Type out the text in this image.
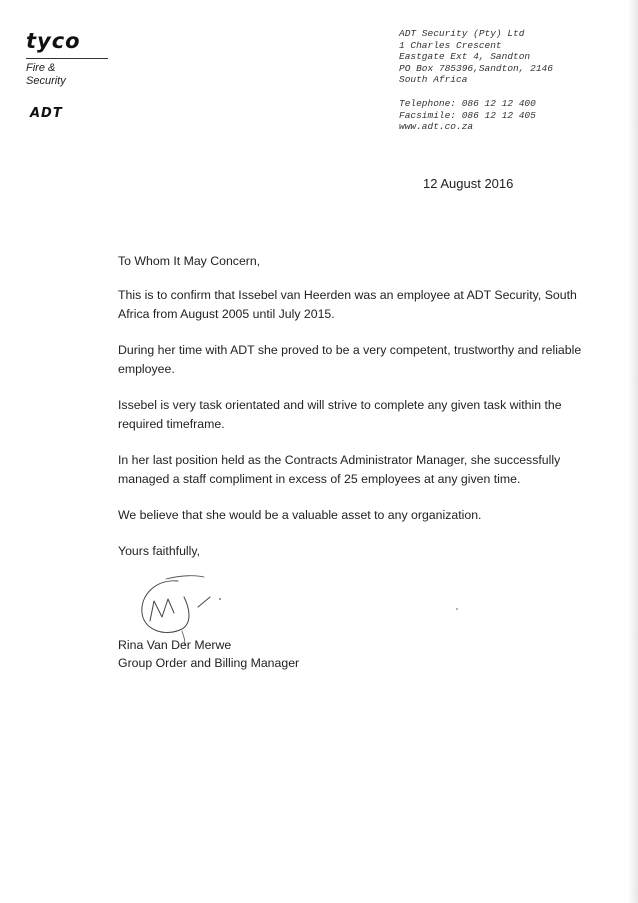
tyco
Fire &
Security
ADT
ADT Security (Pty) Ltd
1 Charles Crescent
Eastgate Ext 4, Sandton
PO Box 785396,Sandton, 2146
South Africa
Telephone: 086 12 12 400
Facsimile: 086 12 12 405
www.adt.co.za
12 August 2016

To Whom It May Concern,

This is to confirm that Issebel van Heerden was an employee at ADT Security, South Africa from August 2005 until July 2015.

During her time with ADT she proved to be a very competent, trustworthy and reliable employee.

Issebel is very task orientated and will strive to complete any given task within the required timeframe.

In her last position held as the Contracts Administrator Manager, she successfully managed a staff compliment in excess of 25 employees at any given time.

We believe that she would be a valuable asset to any organization.

Yours faithfully,

Rina Van Der Merwe
Group Order and Billing Manager
